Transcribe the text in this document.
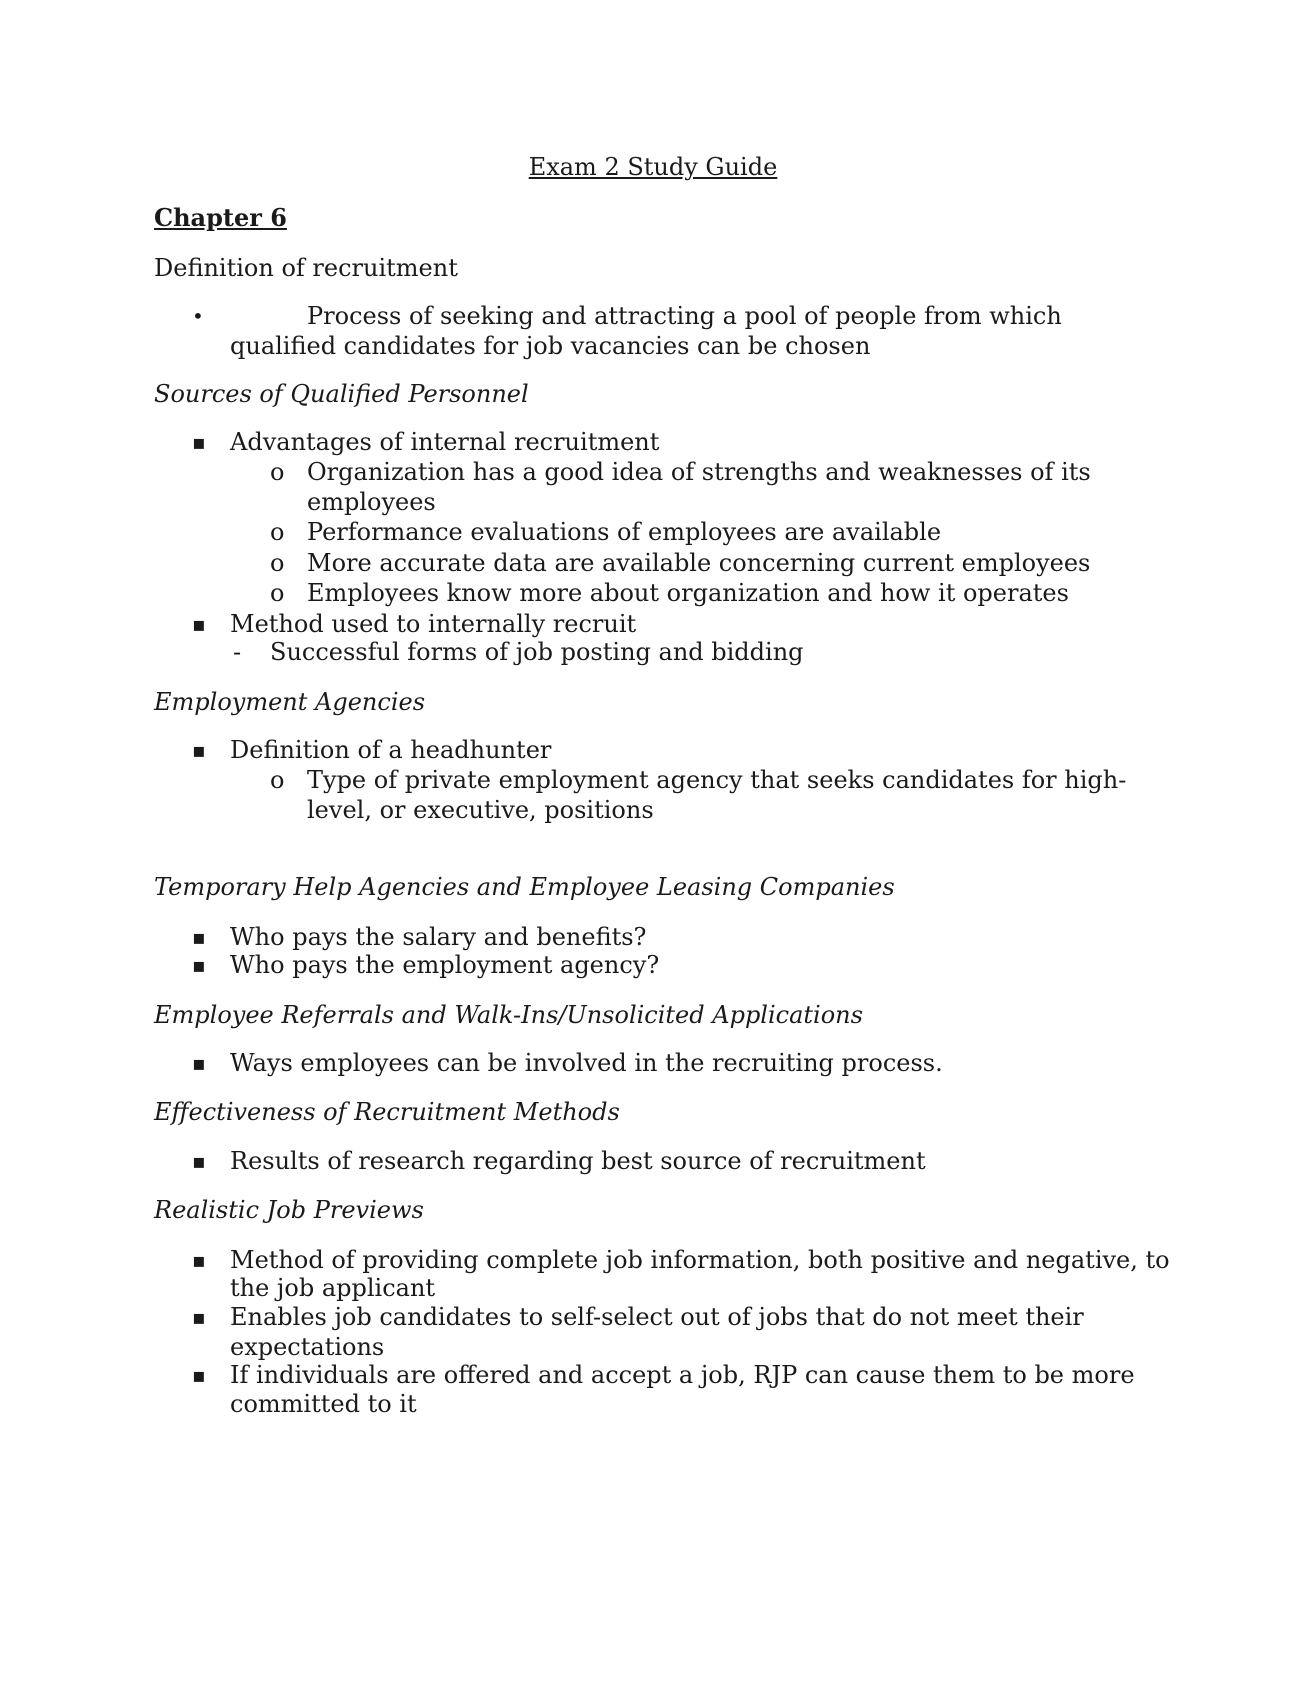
Exam 2 Study Guide
Chapter 6
Definition of recruitment
•	Process of seeking and attracting a pool of people from which
qualified candidates for job vacancies can be chosen
Sources of Qualified Personnel
▪ Advantages of internal recruitment
o Organization has a good idea of strengths and weaknesses of its
employees
o Performance evaluations of employees are available
o More accurate data are available concerning current employees
o Employees know more about organization and how it operates
▪ Method used to internally recruit
- Successful forms of job posting and bidding
Employment Agencies
▪ Definition of a headhunter
o Type of private employment agency that seeks candidates for high-
level, or executive, positions
Temporary Help Agencies and Employee Leasing Companies
▪ Who pays the salary and benefits?
▪ Who pays the employment agency?
Employee Referrals and Walk-Ins/Unsolicited Applications
▪ Ways employees can be involved in the recruiting process.
Effectiveness of Recruitment Methods
▪ Results of research regarding best source of recruitment
Realistic Job Previews
▪ Method of providing complete job information, both positive and negative, to
the job applicant
▪ Enables job candidates to self-select out of jobs that do not meet their
expectations
▪ If individuals are offered and accept a job, RJP can cause them to be more
committed to it
